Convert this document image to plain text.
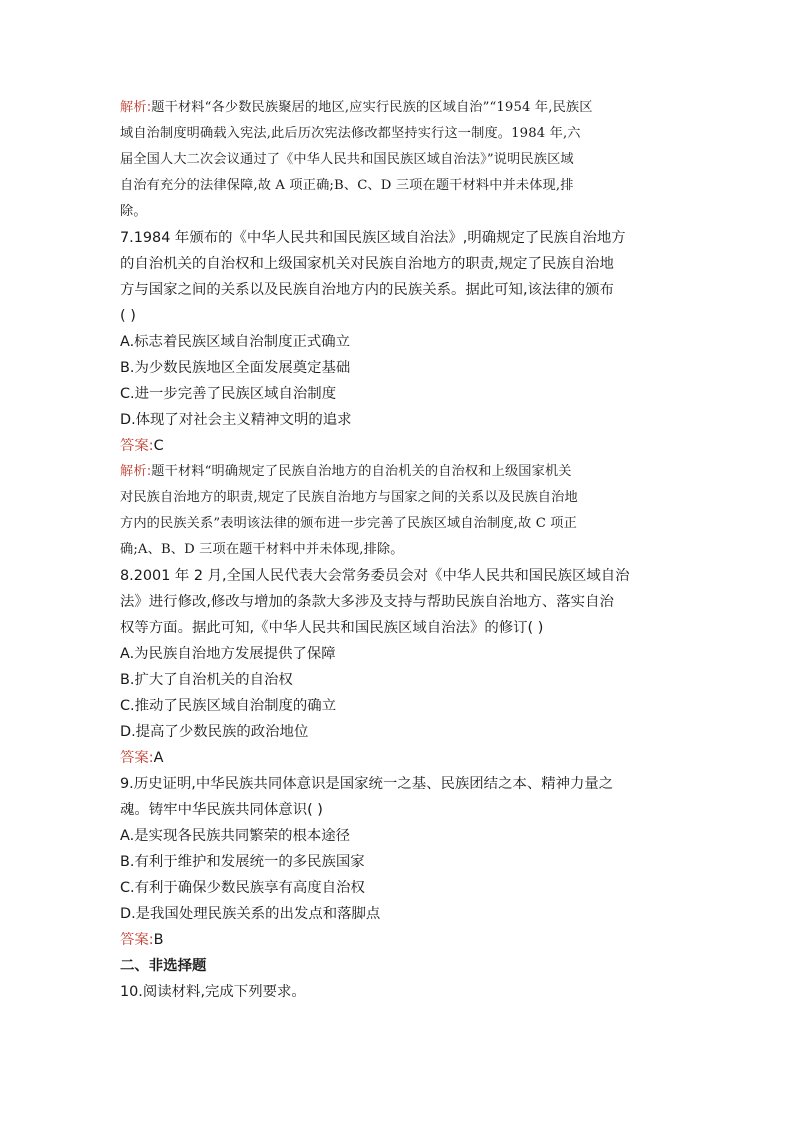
解析:题干材料“各少数民族聚居的地区,应实行民族的区域自治”“1954 年,民族区
域自治制度明确载入宪法,此后历次宪法修改都坚持实行这一制度。1984 年,六
届全国人大二次会议通过了《中华人民共和国民族区域自治法》”说明民族区域
自治有充分的法律保障,故 A 项正确;B、C、D 三项在题干材料中并未体现,排
除。
7.1984 年颁布的《中华人民共和国民族区域自治法》,明确规定了民族自治地方
的自治机关的自治权和上级国家机关对民族自治地方的职责,规定了民族自治地
方与国家之间的关系以及民族自治地方内的民族关系。据此可知,该法律的颁布
( )
A.标志着民族区域自治制度正式确立
B.为少数民族地区全面发展奠定基础
C.进一步完善了民族区域自治制度
D.体现了对社会主义精神文明的追求
答案:C
解析:题干材料“明确规定了民族自治地方的自治机关的自治权和上级国家机关
对民族自治地方的职责,规定了民族自治地方与国家之间的关系以及民族自治地
方内的民族关系”表明该法律的颁布进一步完善了民族区域自治制度,故 C 项正
确;A、B、D 三项在题干材料中并未体现,排除。
8.2001 年 2 月,全国人民代表大会常务委员会对《中华人民共和国民族区域自治
法》进行修改,修改与增加的条款大多涉及支持与帮助民族自治地方、落实自治
权等方面。据此可知,《中华人民共和国民族区域自治法》的修订( )
A.为民族自治地方发展提供了保障
B.扩大了自治机关的自治权
C.推动了民族区域自治制度的确立
D.提高了少数民族的政治地位
答案:A
9.历史证明,中华民族共同体意识是国家统一之基、民族团结之本、精神力量之
魂。铸牢中华民族共同体意识( )
A.是实现各民族共同繁荣的根本途径
B.有利于维护和发展统一的多民族国家
C.有利于确保少数民族享有高度自治权
D.是我国处理民族关系的出发点和落脚点
答案:B
二、非选择题
10.阅读材料,完成下列要求。
